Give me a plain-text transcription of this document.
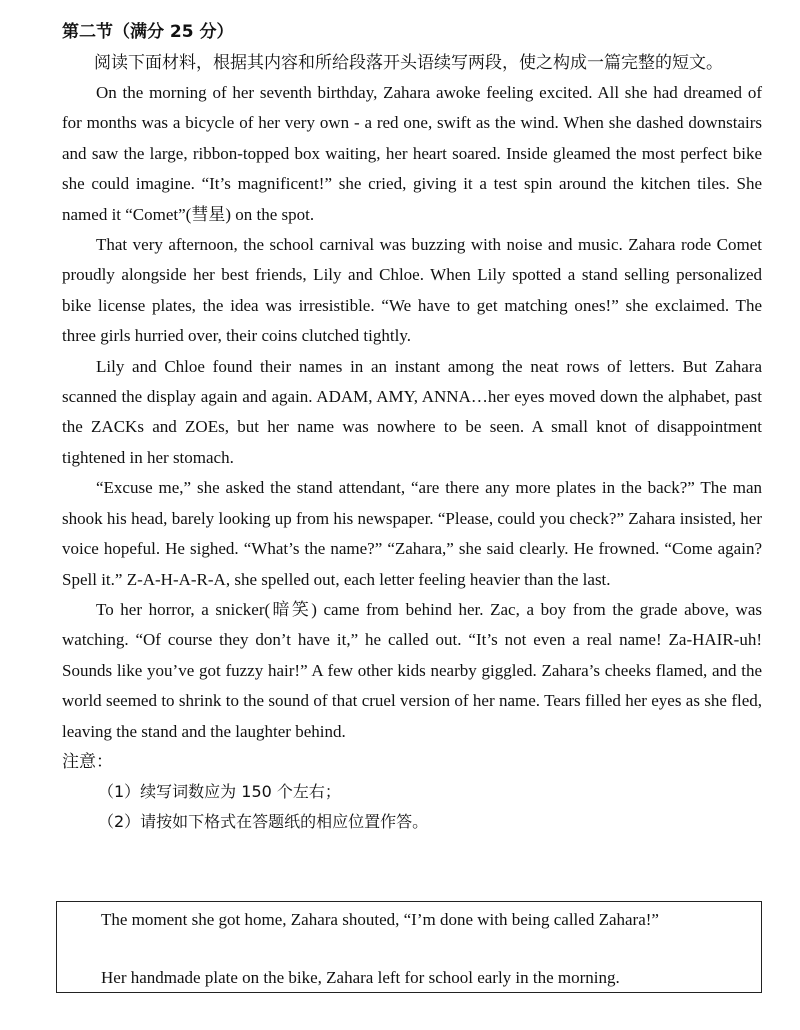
第二节（满分 25 分）

阅读下面材料，根据其内容和所给段落开头语续写两段，使之构成一篇完整的短文。

On the morning of her seventh birthday, Zahara awoke feeling excited. All she had dreamed of for months was a bicycle of her very own - a red one, swift as the wind. When she dashed downstairs and saw the large, ribbon-topped box waiting, her heart soared. Inside gleamed the most perfect bike she could imagine. “It’s magnificent!” she cried, giving it a test spin around the kitchen tiles. She named it “Comet”(彗星) on the spot.

That very afternoon, the school carnival was buzzing with noise and music. Zahara rode Comet proudly alongside her best friends, Lily and Chloe. When Lily spotted a stand selling personalized bike license plates, the idea was irresistible. “We have to get matching ones!” she exclaimed. The three girls hurried over, their coins clutched tightly.

Lily and Chloe found their names in an instant among the neat rows of letters. But Zahara scanned the display again and again. ADAM, AMY, ANNA…her eyes moved down the alphabet, past the ZACKs and ZOEs, but her name was nowhere to be seen. A small knot of disappointment tightened in her stomach.

“Excuse me,” she asked the stand attendant, “are there any more plates in the back?” The man shook his head, barely looking up from his newspaper. “Please, could you check?” Zahara insisted, her voice hopeful. He sighed. “What’s the name?” “Zahara,” she said clearly. He frowned. “Come again? Spell it.” Z-A-H-A-R-A, she spelled out, each letter feeling heavier than the last.

To her horror, a snicker(暗笑) came from behind her. Zac, a boy from the grade above, was watching. “Of course they don’t have it,” he called out. “It’s not even a real name! Za-HAIR-uh! Sounds like you’ve got fuzzy hair!” A few other kids nearby giggled. Zahara’s cheeks flamed, and the world seemed to shrink to the sound of that cruel version of her name. Tears filled her eyes as she fled, leaving the stand and the laughter behind.

注意：

（1）续写词数应为 150 个左右；

（2）请按如下格式在答题纸的相应位置作答。

The moment she got home, Zahara shouted, “I’m done with being called Zahara!”
Her handmade plate on the bike, Zahara left for school early in the morning.
